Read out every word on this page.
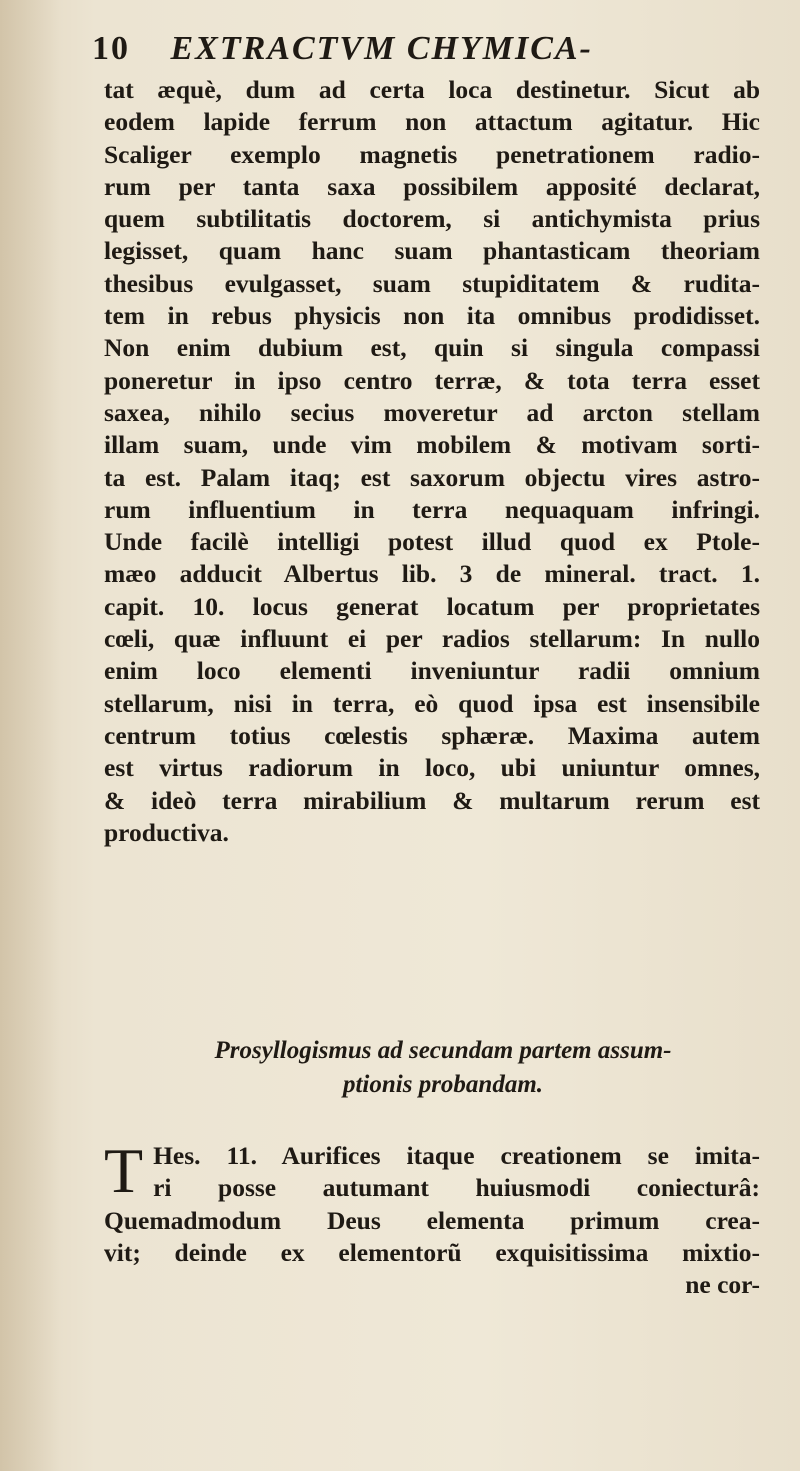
10 EXTRACTVM CHYMICA-
tat æquè, dum ad certa loca destinetur. Sicut ab
eodem lapide ferrum non attactum agitatur. Hic
Scaliger exemplo magnetis penetrationem radio-
rum per tanta saxa possibilem apposité declarat,
quem subtilitatis doctorem, si antichymista prius
legisset, quam hanc suam phantasticam theoriam
thesibus evulgasset, suam stupiditatem & rudita-
tem in rebus physicis non ita omnibus prodidisset.
Non enim dubium est, quin si singula compassi
poneretur in ipso centro terræ, & tota terra esset
saxea, nihilo secius moveretur ad arcton stellam
illam suam, unde vim mobilem & motivam sorti-
ta est. Palam itaq; est saxorum objectu vires astro-
rum influentium in terra nequaquam infringi.
Unde facilè intelligi potest illud quod ex Ptole-
mæo adducit Albertus lib. 3 de mineral. tract. 1.
capit. 10. locus generat locatum per proprietates
cœli, quæ influunt ei per radios stellarum: In nullo
enim loco elementi inveniuntur radii omnium
stellarum, nisi in terra, eò quod ipsa est insensibile
centrum totius cœlestis sphæræ. Maxima autem
est virtus radiorum in loco, ubi uniuntur omnes,
& ideò terra mirabilium & multarum rerum est
productiva.
Prosyllogismus ad secundam partem assum-
ptionis probandam.
T Hes. 11. Aurifices itaque creationem se imita-
ri posse autumant huiusmodi coniecturâ:
Quemadmodum Deus elementa primum crea-
vit; deinde ex elementorũ exquisitissima mixtio-
ne cor-
